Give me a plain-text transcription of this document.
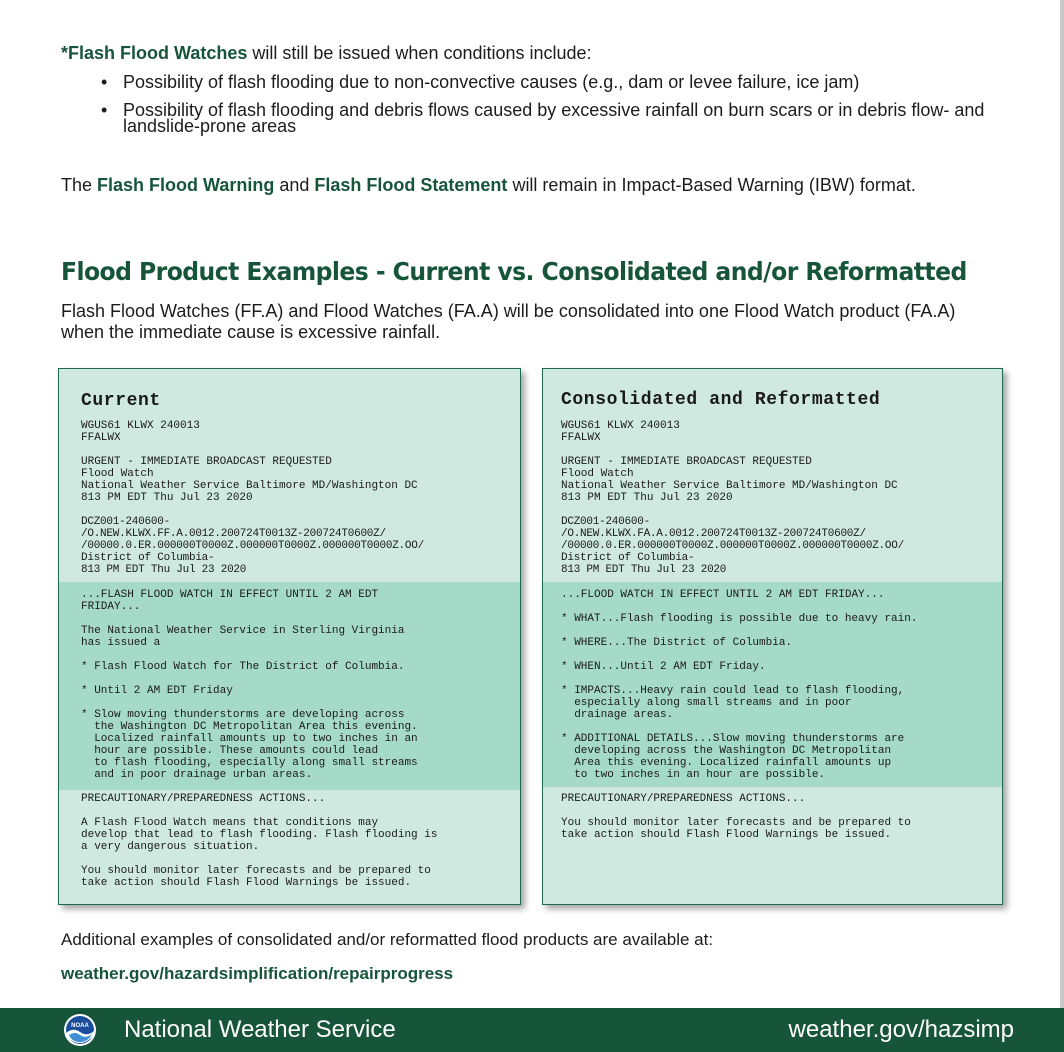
*Flash Flood Watches will still be issued when conditions include:

• Possibility of flash flooding due to non-convective causes (e.g., dam or levee failure, ice jam)
• Possibility of flash flooding and debris flows caused by excessive rainfall on burn scars or in debris flow- and landslide-prone areas

The Flash Flood Warning and Flash Flood Statement will remain in Impact-Based Warning (IBW) format.

Flood Product Examples - Current vs. Consolidated and/or Reformatted

Flash Flood Watches (FF.A) and Flood Watches (FA.A) will be consolidated into one Flood Watch product (FA.A) when the immediate cause is excessive rainfall.

Current
WGUS61 KLWX 240013
FFALWX
URGENT - IMMEDIATE BROADCAST REQUESTED
Flood Watch
National Weather Service Baltimore MD/Washington DC
813 PM EDT Thu Jul 23 2020
DCZ001-240600-
/O.NEW.KLWX.FF.A.0012.200724T0013Z-200724T0600Z/
/00000.0.ER.000000T0000Z.000000T0000Z.000000T0000Z.OO/
District of Columbia-
813 PM EDT Thu Jul 23 2020
...FLASH FLOOD WATCH IN EFFECT UNTIL 2 AM EDT
FRIDAY...
The National Weather Service in Sterling Virginia
has issued a
* Flash Flood Watch for The District of Columbia.
* Until 2 AM EDT Friday
* Slow moving thunderstorms are developing across
the Washington DC Metropolitan Area this evening.
Localized rainfall amounts up to two inches in an
hour are possible. These amounts could lead
to flash flooding, especially along small streams
and in poor drainage urban areas.
PRECAUTIONARY/PREPAREDNESS ACTIONS...
A Flash Flood Watch means that conditions may
develop that lead to flash flooding. Flash flooding is
a very dangerous situation.
You should monitor later forecasts and be prepared to
take action should Flash Flood Warnings be issued.
Consolidated and Reformatted
WGUS61 KLWX 240013
FFALWX
URGENT - IMMEDIATE BROADCAST REQUESTED
Flood Watch
National Weather Service Baltimore MD/Washington DC
813 PM EDT Thu Jul 23 2020
DCZ001-240600-
/O.NEW.KLWX.FA.A.0012.200724T0013Z-200724T0600Z/
/00000.0.ER.000000T0000Z.000000T0000Z.000000T0000Z.OO/
District of Columbia-
813 PM EDT Thu Jul 23 2020
...FLOOD WATCH IN EFFECT UNTIL 2 AM EDT FRIDAY...
* WHAT...Flash flooding is possible due to heavy rain.
* WHERE...The District of Columbia.
* WHEN...Until 2 AM EDT Friday.
* IMPACTS...Heavy rain could lead to flash flooding,
especially along small streams and in poor
drainage areas.
* ADDITIONAL DETAILS...Slow moving thunderstorms are
developing across the Washington DC Metropolitan
Area this evening. Localized rainfall amounts up
to two inches in an hour are possible.
PRECAUTIONARY/PREPAREDNESS ACTIONS...
You should monitor later forecasts and be prepared to
take action should Flash Flood Warnings be issued.

Additional examples of consolidated and/or reformatted flood products are available at:

weather.gov/hazardsimplification/repairprogress

NOAA National Weather Service	weather.gov/hazsimp
